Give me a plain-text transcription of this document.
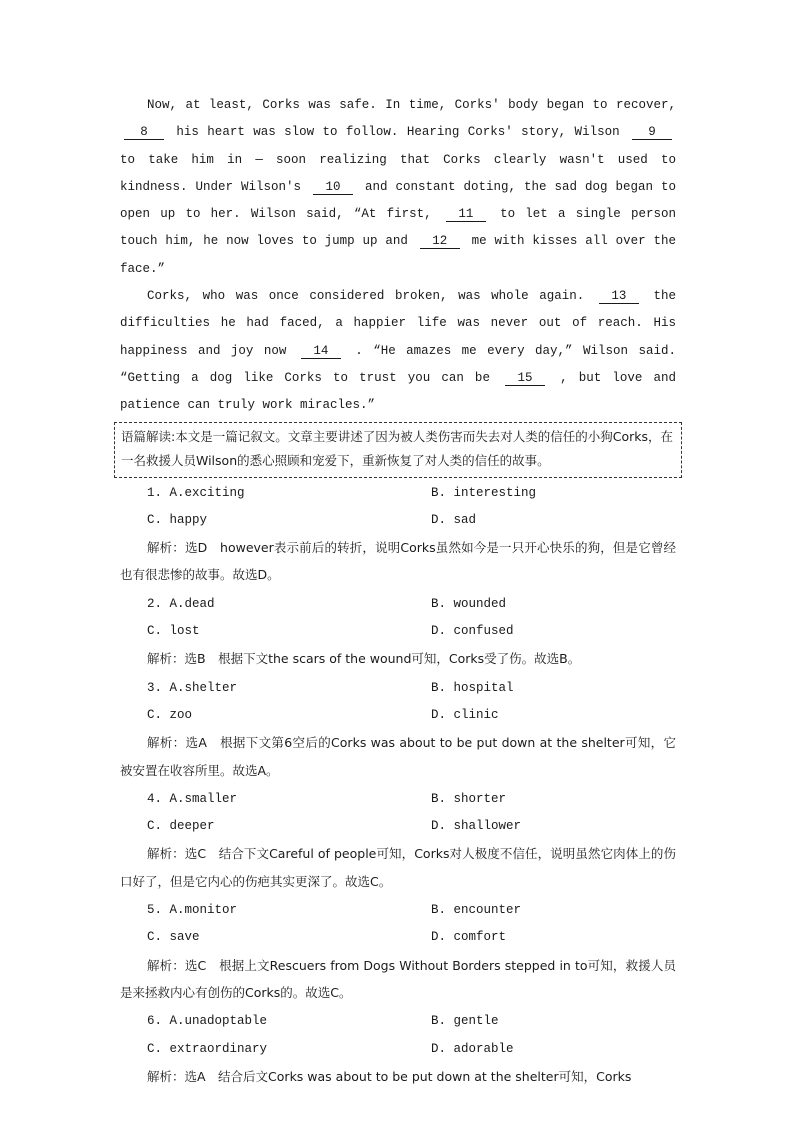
Now, at least, Corks was safe. In time, Corks' body began to recover, 8 his heart was slow to follow. Hearing Corks' story, Wilson 9 to take him in — soon realizing that Corks clearly wasn't used to kindness. Under Wilson's 10 and constant doting, the sad dog began to open up to her. Wilson said, “At first, 11 to let a single person touch him, he now loves to jump up and 12 me with kisses all over the face.”

Corks, who was once considered broken, was whole again. 13 the difficulties he had faced, a happier life was never out of reach. His happiness and joy now 14 . “He amazes me every day,” Wilson said. “Getting a dog like Corks to trust you can be 15 , but love and patience can truly work miracles.”

语篇解读:本文是一篇记叙文。文章主要讲述了因为被人类伤害而失去对人类的信任的小狗Corks，在一名救援人员Wilson的悉心照顾和宠爱下，重新恢复了对人类的信任的故事。
1. A.exciting	B. interesting
C. happy	D. sad

解析：选D　however表示前后的转折，说明Corks虽然如今是一只开心快乐的狗，但是它曾经也有很悲惨的故事。故选D。

2. A.dead	B. wounded
C. lost	D. confused

解析：选B　根据下文the scars of the wound可知，Corks受了伤。故选B。

3. A.shelter	B. hospital
C. zoo	D. clinic

解析：选A　根据下文第6空后的Corks was about to be put down at the shelter可知，它被安置在收容所里。故选A。

4. A.smaller	B. shorter
C. deeper	D. shallower

解析：选C　结合下文Careful of people可知，Corks对人极度不信任，说明虽然它肉体上的伤口好了，但是它内心的伤疤其实更深了。故选C。

5. A.monitor	B. encounter
C. save	D. comfort

解析：选C　根据上文Rescuers from Dogs Without Borders stepped in to可知，救援人员是来拯救内心有创伤的Corks的。故选C。

6. A.unadoptable	B. gentle
C. extraordinary	D. adorable

解析：选A　结合后文Corks was about to be put down at the shelter可知，Corks
